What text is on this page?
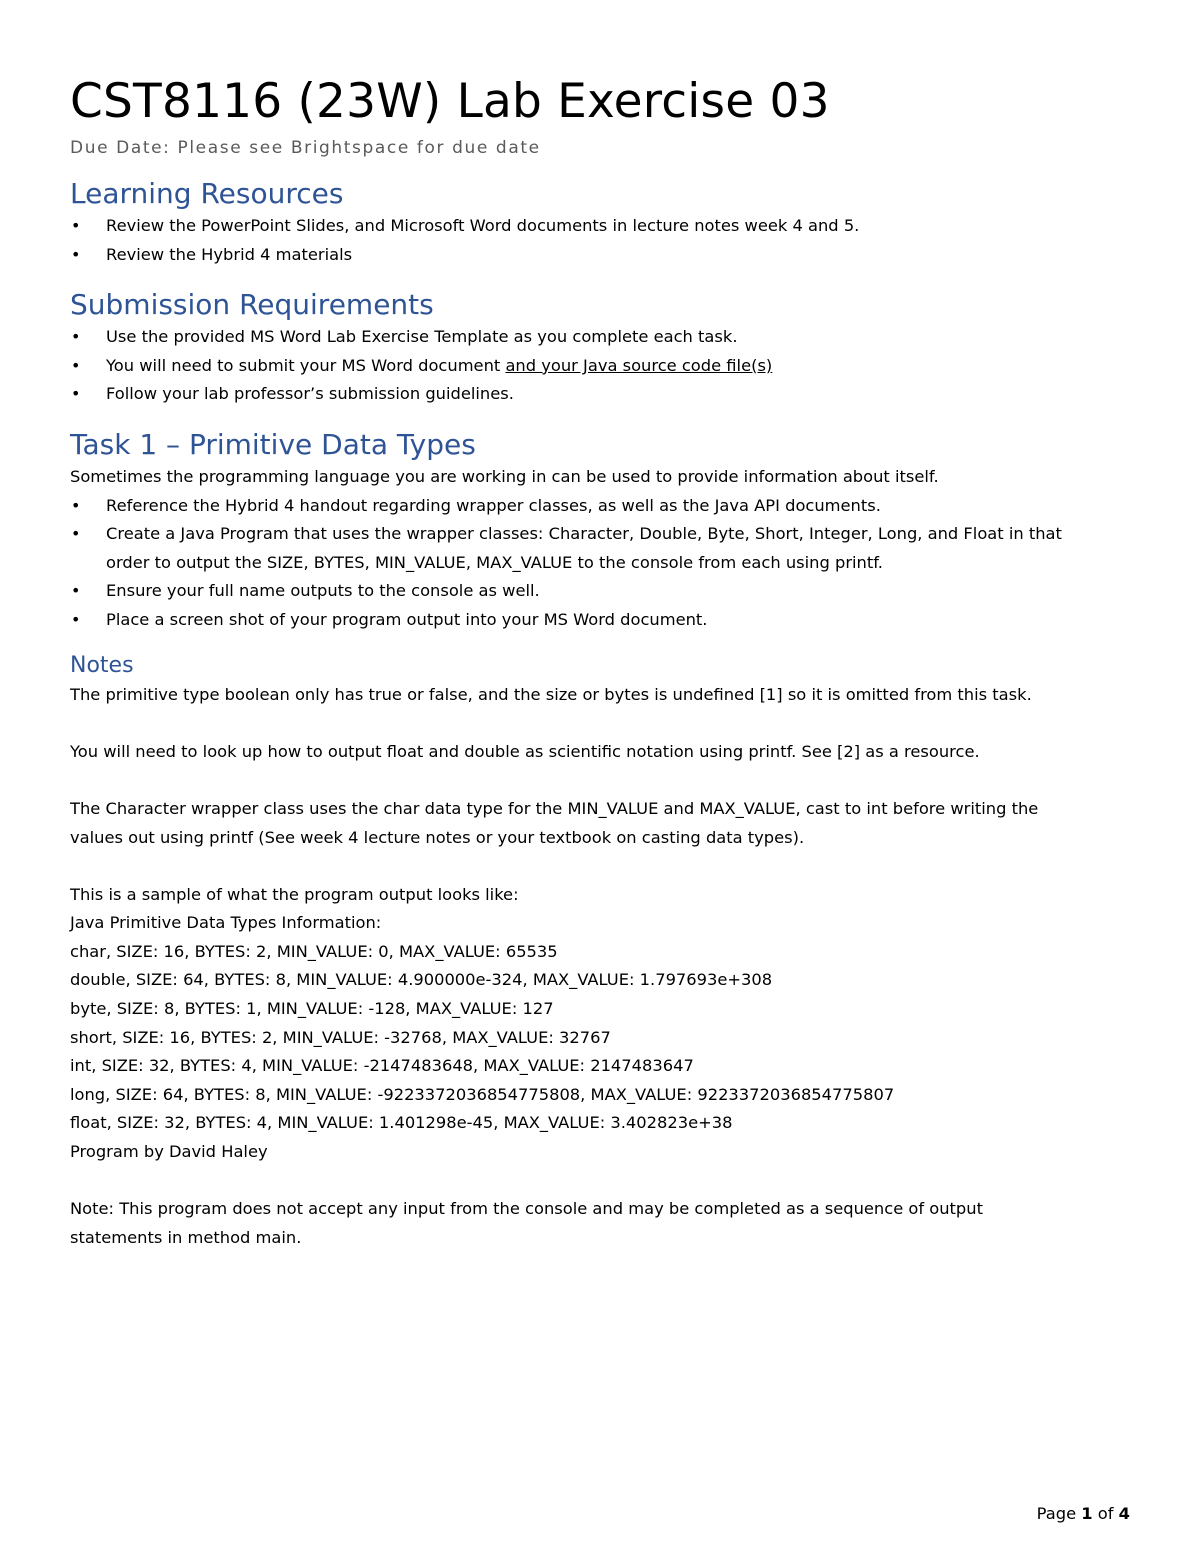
CST8116 (23W) Lab Exercise 03

Due Date: Please see Brightspace for due date

Learning Resources
• Review the PowerPoint Slides, and Microsoft Word documents in lecture notes week 4 and 5.
• Review the Hybrid 4 materials
Submission Requirements
• Use the provided MS Word Lab Exercise Template as you complete each task.
• You will need to submit your MS Word document and your Java source code file(s)
• Follow your lab professor’s submission guidelines.
Task 1 – Primitive Data Types

Sometimes the programming language you are working in can be used to provide information about itself.

• Reference the Hybrid 4 handout regarding wrapper classes, as well as the Java API documents.
• Create a Java Program that uses the wrapper classes: Character, Double, Byte, Short, Integer, Long, and Float in that
order to output the SIZE, BYTES, MIN_VALUE, MAX_VALUE to the console from each using printf.
• Ensure your full name outputs to the console as well.
• Place a screen shot of your program output into your MS Word document.
Notes

The primitive type boolean only has true or false, and the size or bytes is undefined [1] so it is omitted from this task.

You will need to look up how to output float and double as scientific notation using printf. See [2] as a resource.

The Character wrapper class uses the char data type for the MIN_VALUE and MAX_VALUE, cast to int before writing the

values out using printf (See week 4 lecture notes or your textbook on casting data types).

This is a sample of what the program output looks like:

Java Primitive Data Types Information:

char, SIZE: 16, BYTES: 2, MIN_VALUE: 0, MAX_VALUE: 65535

double, SIZE: 64, BYTES: 8, MIN_VALUE: 4.900000e-324, MAX_VALUE: 1.797693e+308

byte, SIZE: 8, BYTES: 1, MIN_VALUE: -128, MAX_VALUE: 127

short, SIZE: 16, BYTES: 2, MIN_VALUE: -32768, MAX_VALUE: 32767

int, SIZE: 32, BYTES: 4, MIN_VALUE: -2147483648, MAX_VALUE: 2147483647

long, SIZE: 64, BYTES: 8, MIN_VALUE: -9223372036854775808, MAX_VALUE: 9223372036854775807

float, SIZE: 32, BYTES: 4, MIN_VALUE: 1.401298e-45, MAX_VALUE: 3.402823e+38

Program by David Haley

Note: This program does not accept any input from the console and may be completed as a sequence of output

statements in method main.

Page 1 of 4
